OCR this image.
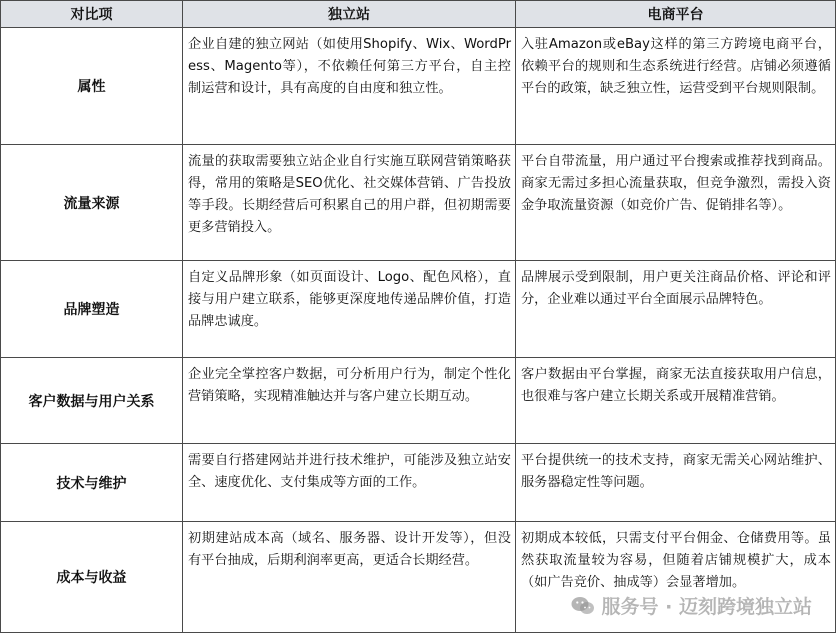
对比项	独立站	电商平台
属性	企业自建的独立网站（如使用Shopify、Wix、WordPress、Magento等），不依赖任何第三方平台，自主控制运营和设计，具有高度的自由度和独立性。	入驻Amazon或eBay这样的第三方跨境电商平台，依赖平台的规则和生态系统进行经营。店铺必须遵循平台的政策，缺乏独立性，运营受到平台规则限制。
流量来源	流量的获取需要独立站企业自行实施互联网营销策略获得，常用的策略是SEO优化、社交媒体营销、广告投放等手段。长期经营后可积累自己的用户群，但初期需要更多营销投入。	平台自带流量，用户通过平台搜索或推荐找到商品。商家无需过多担心流量获取，但竞争激烈，需投入资金争取流量资源（如竞价广告、促销排名等）。
品牌塑造	自定义品牌形象（如页面设计、Logo、配色风格），直接与用户建立联系，能够更深度地传递品牌价值，打造品牌忠诚度。	品牌展示受到限制，用户更关注商品价格、评论和评分，企业难以通过平台全面展示品牌特色。
客户数据与用户关系	企业完全掌控客户数据，可分析用户行为，制定个性化营销策略，实现精准触达并与客户建立长期互动。	客户数据由平台掌握，商家无法直接获取用户信息，也很难与客户建立长期关系或开展精准营销。
技术与维护	需要自行搭建网站并进行技术维护，可能涉及独立站安全、速度优化、支付集成等方面的工作。	平台提供统一的技术支持，商家无需关心网站维护、服务器稳定性等问题。
成本与收益	初期建站成本高（域名、服务器、设计开发等），但没有平台抽成，后期利润率更高，更适合长期经营。	初期成本较低，只需支付平台佣金、仓储费用等。虽然获取流量较为容易，但随着店铺规模扩大，成本（如广告竞价、抽成等）会显著增加。
服务号 · 迈刻跨境独立站
